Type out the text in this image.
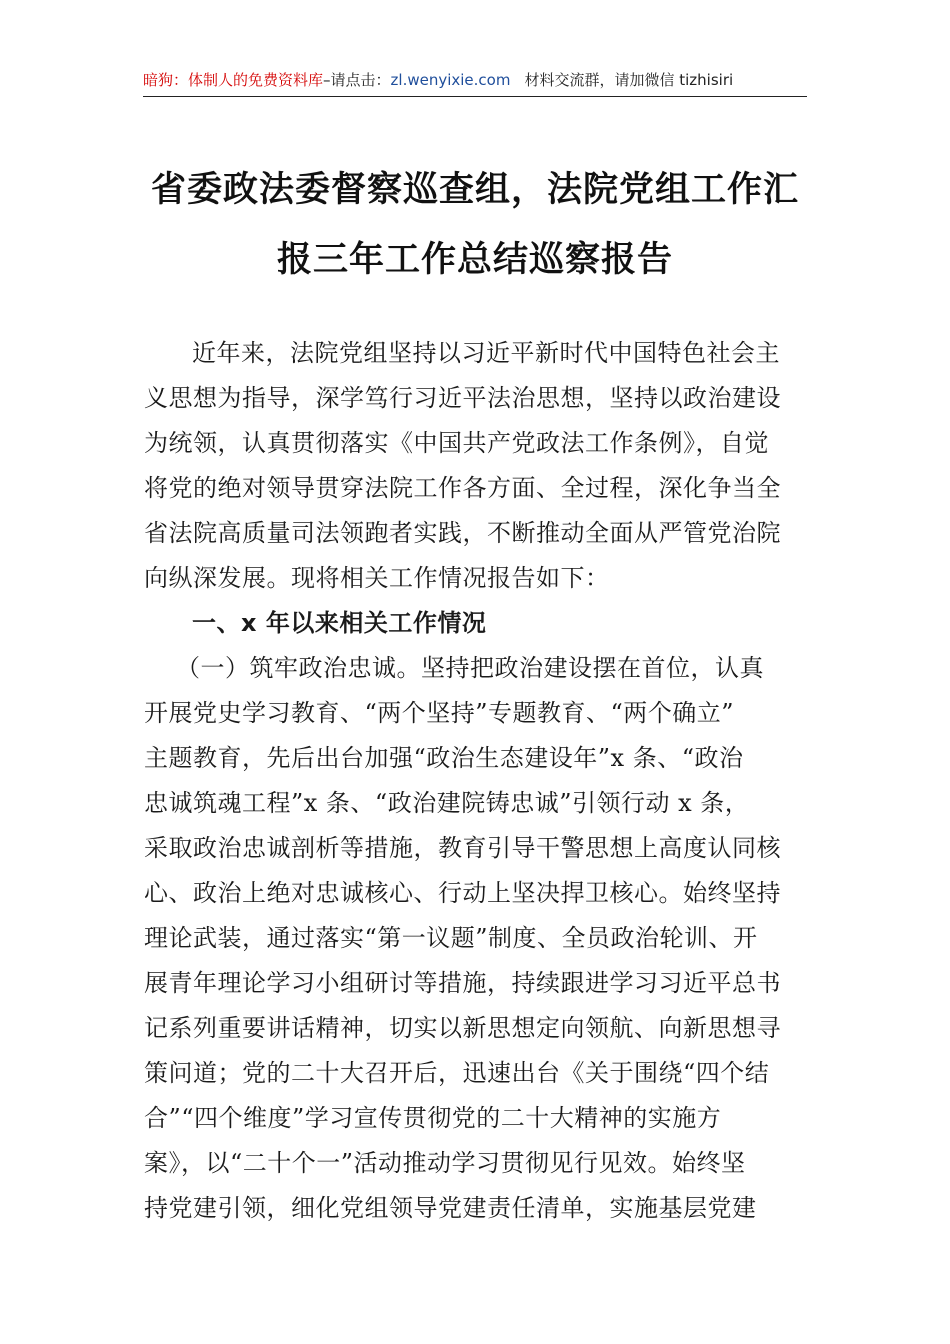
暗狗：体制人的免费资料库–请点击：zl.wenyixie.com 材料交流群，请加微信 tizhisiri
省委政法委督察巡查组，法院党组工作汇
报三年工作总结巡察报告
近年来，法院党组坚持以习近平新时代中国特色社会主
义思想为指导，深学笃行习近平法治思想，坚持以政治建设
为统领，认真贯彻落实《中国共产党政法工作条例》，自觉
将党的绝对领导贯穿法院工作各方面、全过程，深化争当全
省法院高质量司法领跑者实践，不断推动全面从严管党治院
向纵深发展。现将相关工作情况报告如下：
一、x 年以来相关工作情况
（一）筑牢政治忠诚。坚持把政治建设摆在首位，认真
开展党史学习教育、“两个坚持”专题教育、“两个确立”
主题教育，先后出台加强“政治生态建设年”x 条、“政治
忠诚筑魂工程”x 条、“政治建院铸忠诚”引领行动 x 条，
采取政治忠诚剖析等措施，教育引导干警思想上高度认同核
心、政治上绝对忠诚核心、行动上坚决捍卫核心。始终坚持
理论武装，通过落实“第一议题”制度、全员政治轮训、开
展青年理论学习小组研讨等措施，持续跟进学习习近平总书
记系列重要讲话精神，切实以新思想定向领航、向新思想寻
策问道；党的二十大召开后，迅速出台《关于围绕“四个结
合”“四个维度”学习宣传贯彻党的二十大精神的实施方
案》，以“二十个一”活动推动学习贯彻见行见效。始终坚
持党建引领，细化党组领导党建责任清单，实施基层党建
